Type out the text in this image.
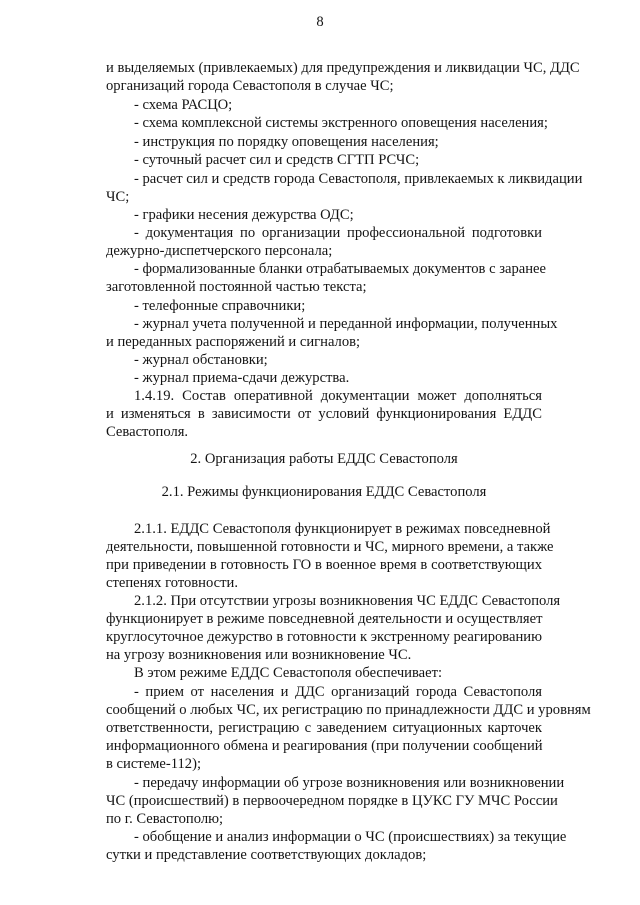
8
и выделяемых (привлекаемых) для предупреждения и ликвидации ЧС, ДДС
организаций города Севастополя в случае ЧС;
- схема РАСЦО;
- схема комплексной системы экстренного оповещения населения;
- инструкция по порядку оповещения населения;
- суточный расчет сил и средств СГТП РСЧС;
- расчет сил и средств города Севастополя, привлекаемых к ликвидации
ЧС;
- графики несения дежурства ОДС;
- документация по организации профессиональной подготовки
дежурно-диспетчерского персонала;
- формализованные бланки отрабатываемых документов с заранее
заготовленной постоянной частью текста;
- телефонные справочники;
- журнал учета полученной и переданной информации, полученных
и переданных распоряжений и сигналов;
- журнал обстановки;
- журнал приема-сдачи дежурства.
1.4.19. Состав оперативной документации может дополняться
и изменяться в зависимости от условий функционирования ЕДДС
Севастополя.
2. Организация работы ЕДДС Севастополя
2.1. Режимы функционирования ЕДДС Севастополя
2.1.1. ЕДДС Севастополя функционирует в режимах повседневной
деятельности, повышенной готовности и ЧС, мирного времени, а также
при приведении в готовность ГО в военное время в соответствующих
степенях готовности.
2.1.2. При отсутствии угрозы возникновения ЧС ЕДДС Севастополя
функционирует в режиме повседневной деятельности и осуществляет
круглосуточное дежурство в готовности к экстренному реагированию
на угрозу возникновения или возникновение ЧС.
В этом режиме ЕДДС Севастополя обеспечивает:
- прием от населения и ДДС организаций города Севастополя
сообщений о любых ЧС, их регистрацию по принадлежности ДДС и уровням
ответственности, регистрацию с заведением ситуационных карточек
информационного обмена и реагирования (при получении сообщений
в системе-112);
- передачу информации об угрозе возникновения или возникновении
ЧС (происшествий) в первоочередном порядке в ЦУКС ГУ МЧС России
по г. Севастополю;
- обобщение и анализ информации о ЧС (происшествиях) за текущие
сутки и представление соответствующих докладов;
